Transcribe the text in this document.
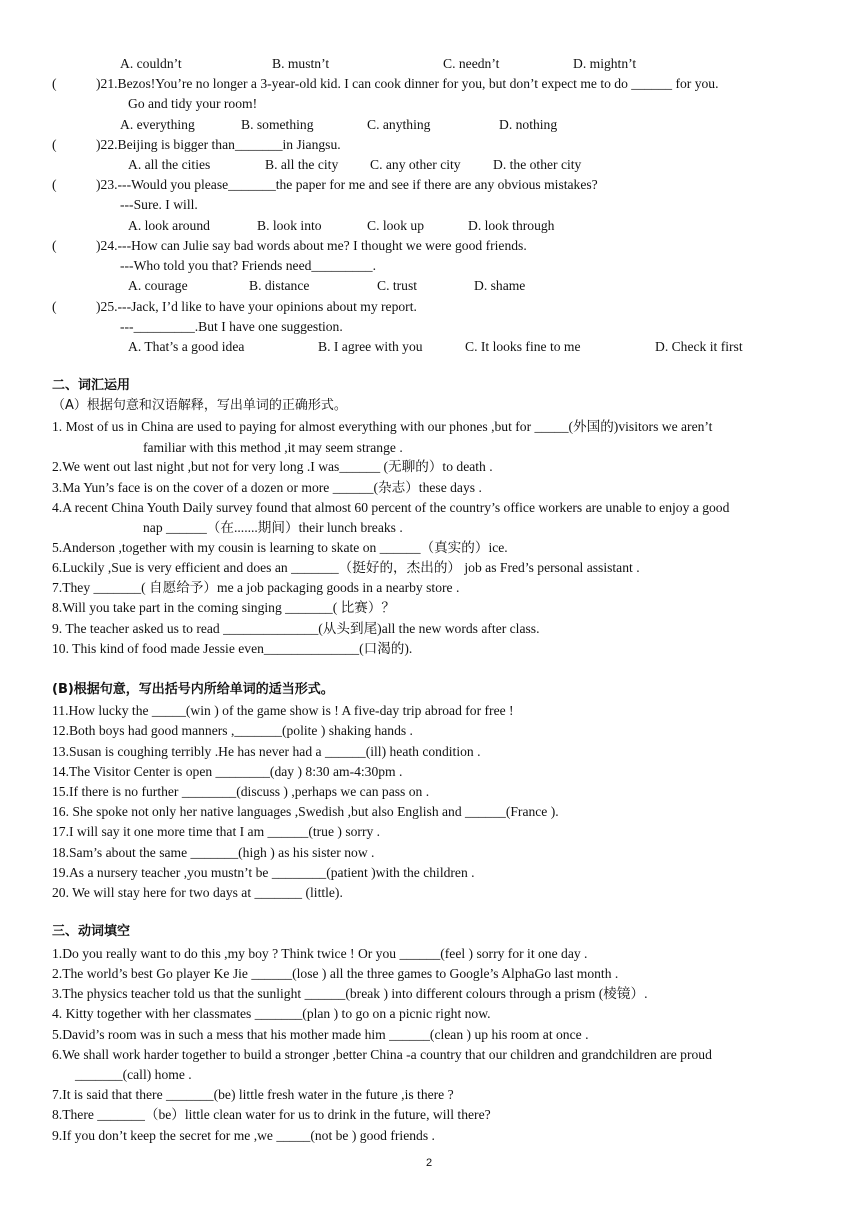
A. couldn’t	B. mustn’t	C. needn’t	D. mightn’t
(	)21.Bezos!You’re no longer a 3-year-old kid. I can cook dinner for you, but don’t expect me to do ______ for you.
Go and tidy your room!
A. everything	B. something	C. anything	D. nothing
(	)22.Beijing is bigger than_______in Jiangsu.
A. all the cities	B. all the city C. any other city D. the other city
(	)23.---Would you please_______the paper for me and see if there are any obvious mistakes?
---Sure. I will.
A. look around	B. look into	C. look up	D. look through
(	)24.---How can Julie say bad words about me? I thought we were good friends.
---Who told you that? Friends need_________.
A. courage	B. distance	C. trust	D. shame
(	)25.---Jack, I’d like to have your opinions about my report.
---_________.But I have one suggestion.
A. That’s a good idea	B. I agree with you	C. It looks fine to me	D. Check it first
二、词汇运用
（A）根据句意和汉语解释，写出单词的正确形式。
1. Most of us in China are used to paying for almost everything with our phones ,but for _____(外国的)visitors we aren’t
familiar with this method ,it may seem strange .
2.We went out last night ,but not for very long .I was______ (无聊的）to death .
3.Ma Yun’s face is on the cover of a dozen or more ______(杂志）these days .
4.A recent China Youth Daily survey found that almost 60 percent of the country’s office workers are unable to enjoy a good
nap ______（在.......期间）their lunch breaks .
5.Anderson ,together with my cousin is learning to skate on ______（真实的）ice.
6.Luckily ,Sue is very efficient and does an _______（挺好的，杰出的） job as Fred’s personal assistant .
7.They _______( 自愿给予）me a job packaging goods in a nearby store .
8.Will you take part in the coming singing _______( 比赛）？
9. The teacher asked us to read ______________(从头到尾)all the new words after class.
10. This kind of food made Jessie even______________(口渴的).
(B)根据句意，写出括号内所给单词的适当形式。
11.How lucky the _____(win ) of the game show is ! A five-day trip abroad for free !
12.Both boys had good manners ,_______(polite ) shaking hands .
13.Susan is coughing terribly .He has never had a ______(ill) heath condition .
14.The Visitor Center is open ________(day ) 8:30 am-4:30pm .
15.If there is no further ________(discuss ) ,perhaps we can pass on .
16. She spoke not only her native languages ,Swedish ,but also English and ______(France ).
17.I will say it one more time that I am ______(true ) sorry .
18.Sam’s about the same _______(high ) as his sister now .
19.As a nursery teacher ,you mustn’t be ________(patient )with the children .
20. We will stay here for two days at _______ (little).
三、动词填空
1.Do you really want to do this ,my boy ? Think twice ! Or you ______(feel ) sorry for it one day .
2.The world’s best Go player Ke Jie ______(lose ) all the three games to Google’s AlphaGo last month .
3.The physics teacher told us that the sunlight ______(break ) into different colours through a prism (棱镜）.
4. Kitty together with her classmates _______(plan ) to go on a picnic right now.
5.David’s room was in such a mess that his mother made him ______(clean ) up his room at once .
6.We shall work harder together to build a stronger ,better China -a country that our children and grandchildren are proud
_______(call) home .
7.It is said that there _______(be) little fresh water in the future ,is there ?
8.There _______（be）little clean water for us to drink in the future, will there?
9.If you don’t keep the secret for me ,we _____(not be ) good friends .
2
